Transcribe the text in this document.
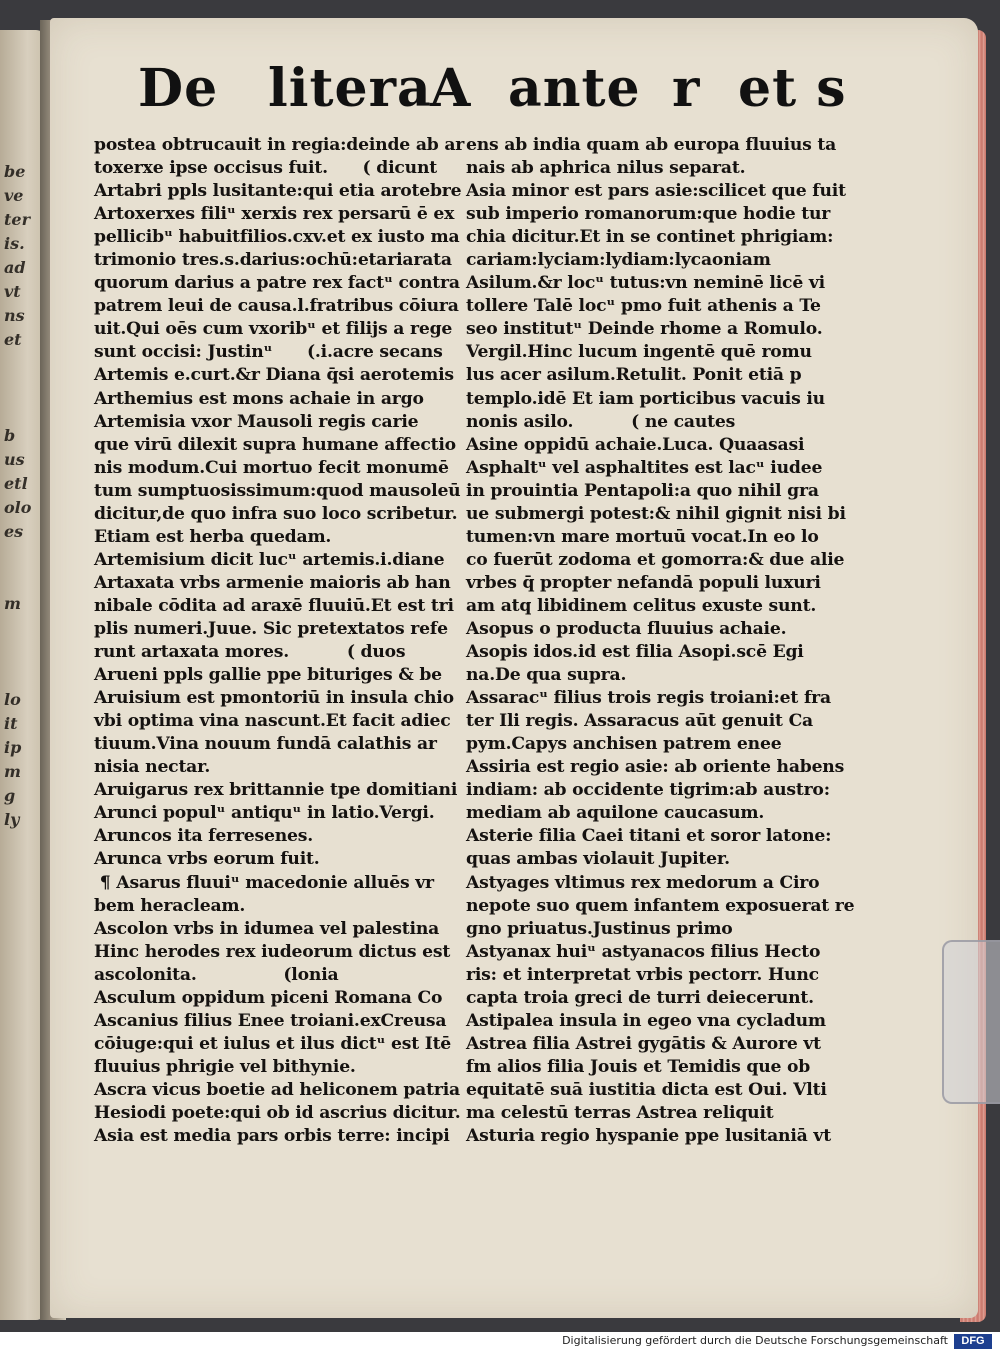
be
ve
ter
is.
ad
vt
ns
et

b
us
etl
olo
es

m

lo
it
ip
m
g
ly
De litera
A ante r et s
postea obtrucauit in regia:deinde ab ar
toxerxe ipse occisus fuit.      ( dicunt
Artabri ppls lusitante:qui etia arotebre
Artoxerxes filiᵘ xerxis rex persarū ē ex
pellicibᵘ habuitfilios.cxv.et ex iusto ma
trimonio tres.s.darius:ochū:etariarata
quorum darius a patre rex factᵘ contra
patrem leui de causa.l.fratribus cōiura
uit.Qui oēs cum vxoribᵘ et filijs a rege
sunt occisi: Justinᵘ      (.i.acre secans
Artemis e.curt.&r Diana q̄si aerotemis
Arthemius est mons achaie in argo
Artemisia vxor Mausoli regis carie
que virū dilexit supra humane affectio
nis modum.Cui mortuo fecit monumē
tum sumptuosissimum:quod mausoleū
dicitur,de quo infra suo loco scribetur.
Etiam est herba quedam.
Artemisium dicit lucᵘ artemis.i.diane
Artaxata vrbs armenie maioris ab han
nibale cōdita ad araxē fluuiū.Et est tri
plis numeri.Juue. Sic pretextatos refe
runt artaxata mores.          ( duos
Arueni ppls gallie ppe bituriges & be
Aruisium est pmontoriū in insula chio
vbi optima vina nascunt.Et facit adiec
tiuum.Vina nouum fundā calathis ar
nisia nectar.
Aruigarus rex brittannie tpe domitiani
Arunci populᵘ antiquᵘ in latio.Vergi.
Aruncos ita ferresenes.
Arunca vrbs eorum fuit.
¶ Asarus fluuiᵘ macedonie alluēs vr
bem heracleam.
Ascolon vrbs in idumea vel palestina
Hinc herodes rex iudeorum dictus est
ascolonita.               (lonia
Asculum oppidum piceni Romana Co
Ascanius filius Enee troiani.exCreusa
cōiuge:qui et iulus et ilus dictᵘ est Itē
fluuius phrigie vel bithynie.
Ascra vicus boetie ad heliconem patria
Hesiodi poete:qui ob id ascrius dicitur.
Asia est media pars orbis terre: incipi
ens ab india quam ab europa fluuius ta
nais ab aphrica nilus separat.
Asia minor est pars asie:scilicet que fuit
sub imperio romanorum:que hodie tur
chia dicitur.Et in se continet phrigiam:
cariam:lyciam:lydiam:lycaoniam
Asilum.&r locᵘ tutus:vn neminē licē vi
tollere Talē locᵘ pmo fuit athenis a Te
seo institutᵘ Deinde rhome a Romulo.
Vergil.Hinc lucum ingentē quē romu
lus acer asilum.Retulit. Ponit etiā p
templo.idē Et iam porticibus vacuis iu
nonis asilo.          ( ne cautes
Asine oppidū achaie.Luca. Quaasasi
Asphaltᵘ vel asphaltites est lacᵘ iudee
in prouintia Pentapoli:a quo nihil gra
ue submergi potest:& nihil gignit nisi bi
tumen:vn mare mortuū vocat.In eo lo
co fuerūt zodoma et gomorra:& due alie
vrbes q̄ propter nefandā populi luxuri
am atq libidinem celitus exuste sunt.
Asopus o producta fluuius achaie.
Asopis idos.id est filia Asopi.scē Egi
na.De qua supra.
Assaracᵘ filius trois regis troiani:et fra
ter Ili regis. Assaracus aūt genuit Ca
pym.Capys anchisen patrem enee
Assiria est regio asie: ab oriente habens
indiam: ab occidente tigrim:ab austro:
mediam ab aquilone caucasum.
Asterie filia Caei titani et soror latone:
quas ambas violauit Jupiter.
Astyages vltimus rex medorum a Ciro
nepote suo quem infantem exposuerat re
gno priuatus.Justinus primo
Astyanax huiᵘ astyanacos filius Hecto
ris: et interpretat vrbis pectorr. Hunc
capta troia greci de turri deiecerunt.
Astipalea insula in egeo vna cycladum
Astrea filia Astrei gygātis & Aurore vt
fm alios filia Jouis et Temidis que ob
equitatē suā iustitia dicta est Oui. Vlti
ma celestū terras Astrea reliquit
Asturia regio hyspanie ppe lusitaniā vt
Digitalisierung gefördert durch die Deutsche Forschungsgemeinschaft	DFG
